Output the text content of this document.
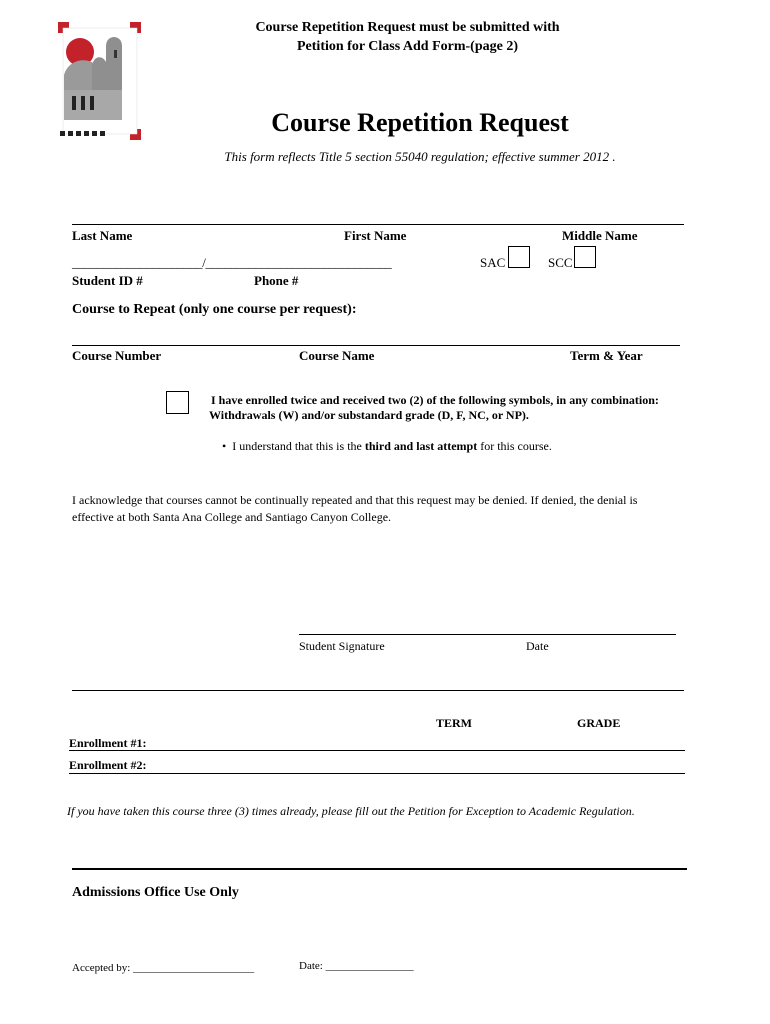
Course Repetition Request must be submitted with
Petition for Class Add Form-(page 2)
Course Repetition Request
This form reflects Title 5 section 55040 regulation; effective summer 2012 .
Last Name	First Name	Middle Name
_____________________/______________________________	SAC	SCC
Student ID #	Phone #
Course to Repeat (only one course per request):
Course Number	Course Name	Term & Year
I have enrolled twice and received two (2) of the following symbols, in any combination:
Withdrawals (W) and/or substandard grade (D, F, NC, or NP).
•  I understand that this is the third and last attempt for this course.
I acknowledge that courses cannot be continually repeated and that this request may be denied. If denied, the denial is
effective at both Santa Ana College and Santiago Canyon College.
Student Signature	Date
TERM	GRADE
Enrollment #1:
Enrollment #2:
If you have taken this course three (3) times already, please fill out the Petition for Exception to Academic Regulation.
Admissions Office Use Only
Accepted by: ______________________	Date: ________________
